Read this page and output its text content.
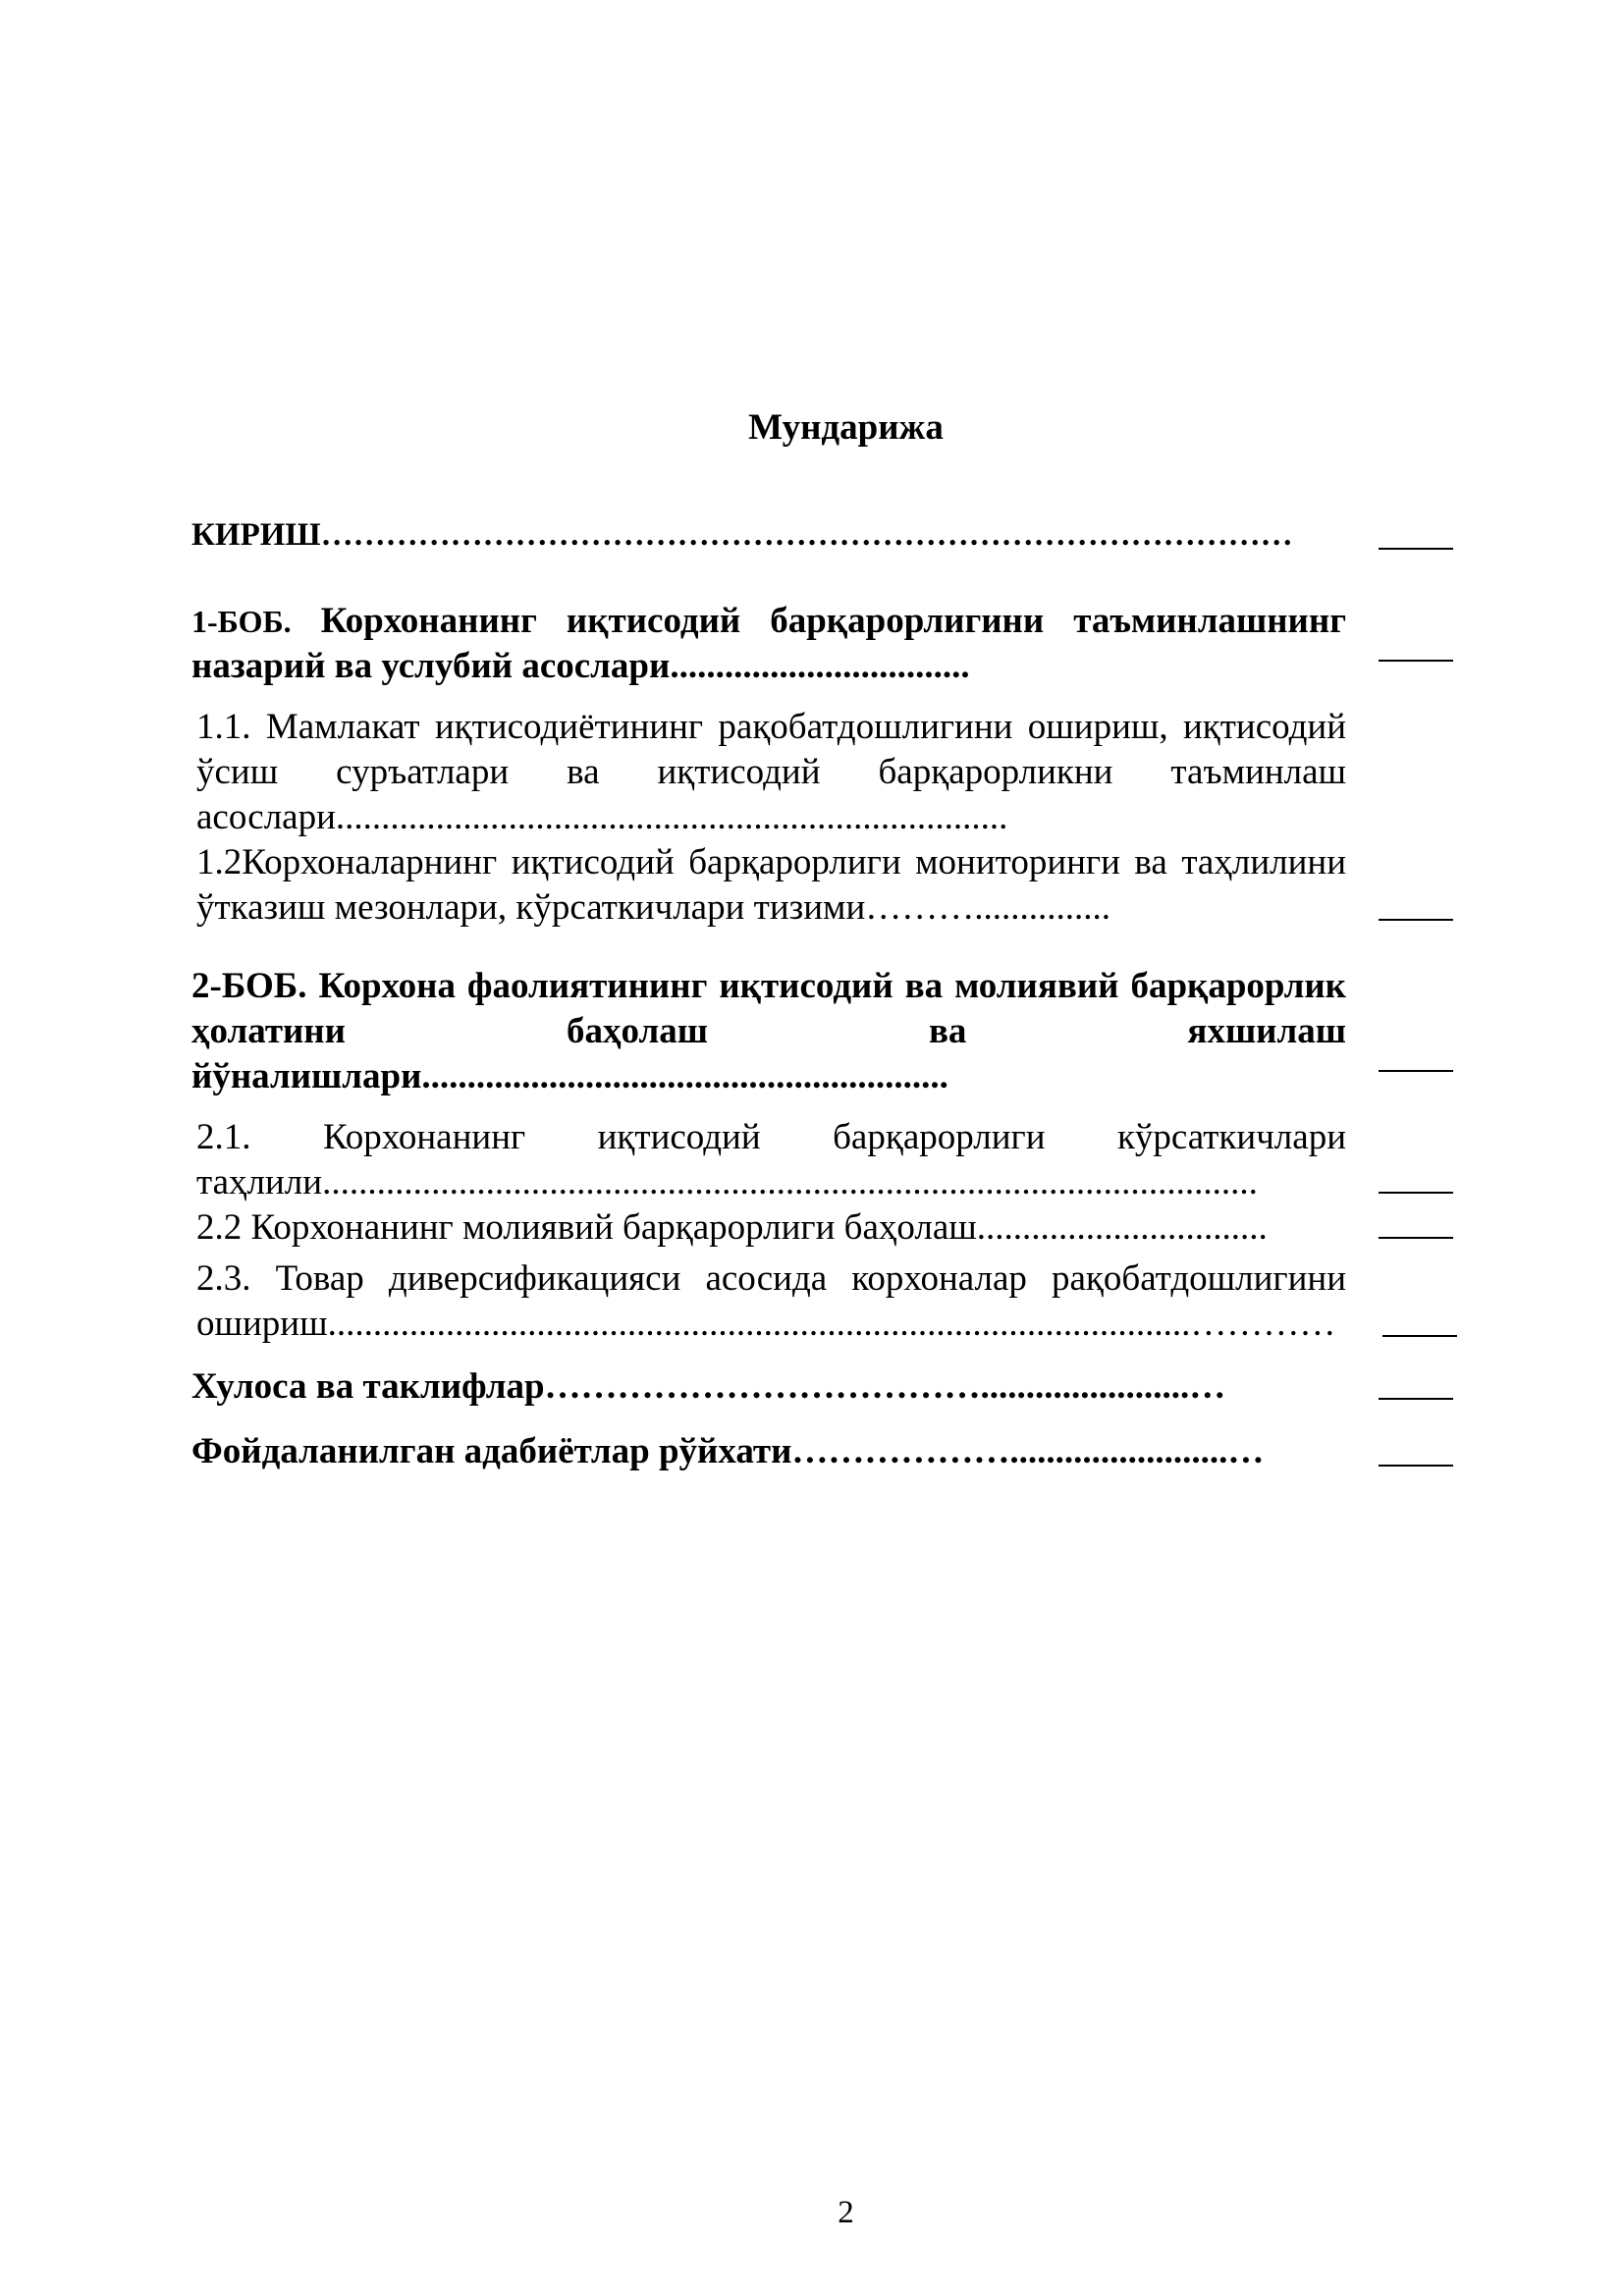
Мундарижа
КИРИШ………………………………………………………………………………
1-БОБ. Корхонанинг иқтисодий барқарорлигини таъминлашнинг назарий ва услубий асослари.................................
1.1. Мамлакат иқтисодиётининг рақобатдошлигини ошириш, иқтисодий ўсиш суръатлари ва иқтисодий барқарорликни таъминлаш асослари..........................................................................
1.2Корхоналарнинг иқтисодий барқарорлиги мониторинги ва таҳлилини ўтказиш мезонлари, кўрсаткичлари тизими………...............
2-БОБ. Корхона фаолиятининг иқтисодий ва молиявий барқарорлик ҳолатини баҳолаш ва яхшилаш йўналишлари..........................................................
2.1. Корхонанинг иқтисодий барқарорлиги кўрсаткичлари таҳлили.......................................................................................................
2.2 Корхонанинг молиявий барқарорлиги баҳолаш................................
2.3. Товар диверсификацияси асосида корхоналар рақобатдошлигини ошириш...............................................................................................…………
Хулоса ва таклифлар……………………………….......................…
Фойдаланилган адабиётлар рўйхати………………........................…
2
